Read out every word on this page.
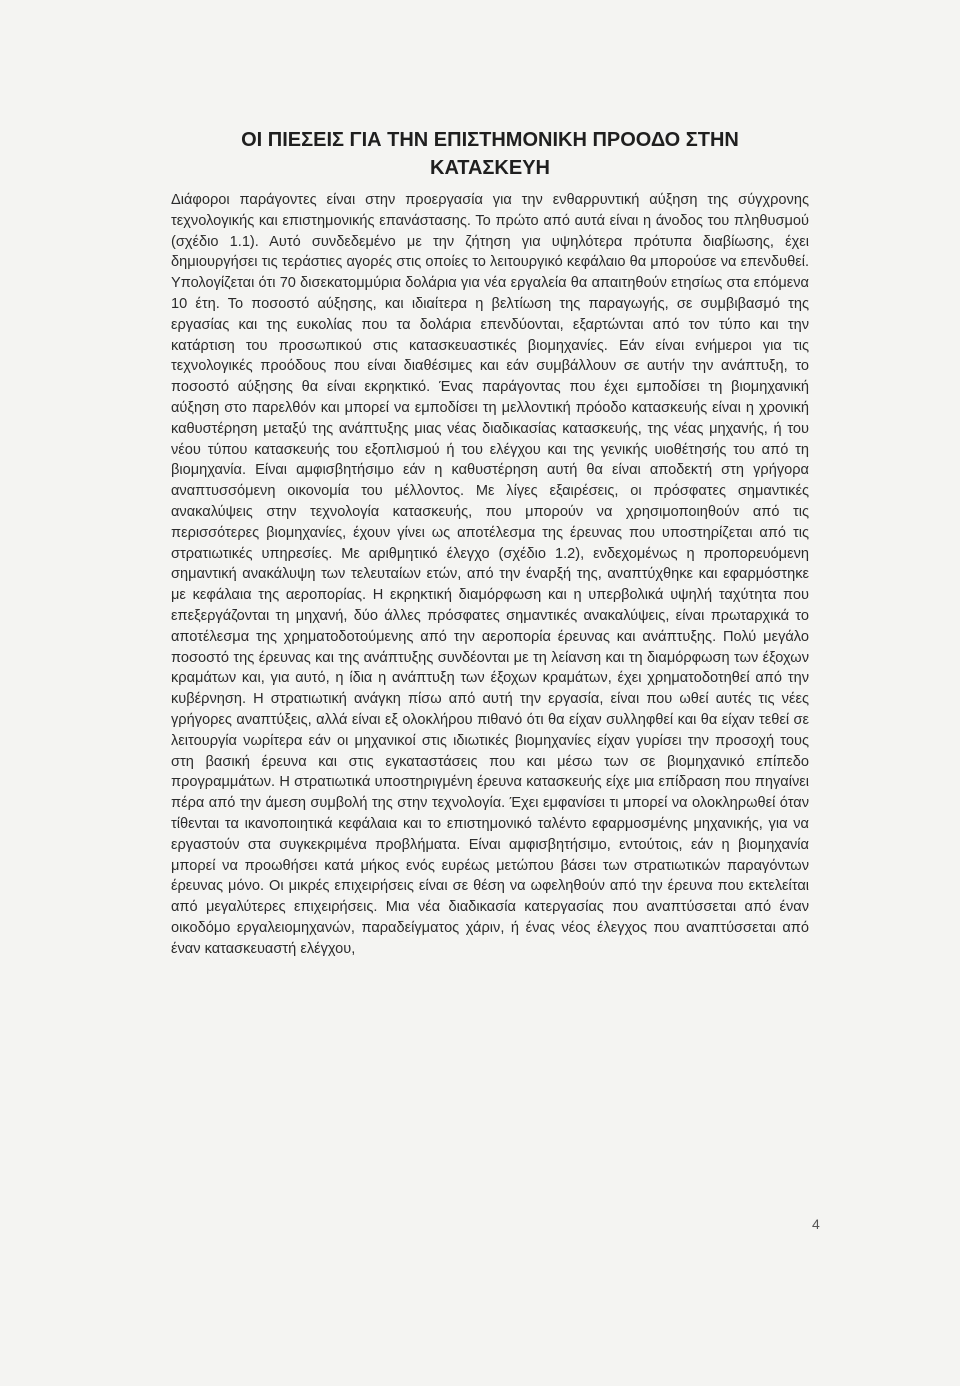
ΟΙ ΠΙΕΣΕΙΣ ΓΙΑ ΤΗΝ ΕΠΙΣΤΗΜΟΝΙΚΗ ΠΡΟΟΔΟ ΣΤΗΝ
ΚΑΤΑΣΚΕΥΗ

Διάφοροι παράγοντες είναι στην προεργασία για την ενθαρρυντική αύξηση της σύγχρονης τεχνολογικής και επιστημονικής επανάστασης. Το πρώτο από αυτά είναι η άνοδος του πληθυσμού (σχέδιο 1.1). Αυτό συνδεδεμένο με την ζήτηση για υψηλότερα πρότυπα διαβίωσης, έχει δημιουργήσει τις τεράστιες αγορές στις οποίες το λειτουργικό κεφάλαιο θα μπορούσε να επενδυθεί. Υπολογίζεται ότι 70 δισεκατομμύρια δολάρια για νέα εργαλεία θα απαιτηθούν ετησίως στα επόμενα 10 έτη. Το ποσοστό αύξησης, και ιδιαίτερα η βελτίωση της παραγωγής, σε συμβιβασμό της εργασίας και της ευκολίας που τα δολάρια επενδύονται, εξαρτώνται από τον τύπο και την κατάρτιση του προσωπικού στις κατασκευαστικές βιομηχανίες. Εάν είναι ενήμεροι για τις τεχνολογικές προόδους που είναι διαθέσιμες και εάν συμβάλλουν σε αυτήν την ανάπτυξη, το ποσοστό αύξησης θα είναι εκρηκτικό. Ένας παράγοντας που έχει εμποδίσει τη βιομηχανική αύξηση στο παρελθόν και μπορεί να εμποδίσει τη μελλοντική πρόοδο κατασκευής είναι η χρονική καθυστέρηση μεταξύ της ανάπτυξης μιας νέας διαδικασίας κατασκευής, της νέας μηχανής, ή του νέου τύπου κατασκευής του εξοπλισμού ή του ελέγχου και της γενικής υιοθέτησής του από τη βιομηχανία. Είναι αμφισβητήσιμο εάν η καθυστέρηση αυτή θα είναι αποδεκτή στη γρήγορα αναπτυσσόμενη οικονομία του μέλλοντος. Με λίγες εξαιρέσεις, οι πρόσφατες σημαντικές ανακαλύψεις στην τεχνολογία κατασκευής, που μπορούν να χρησιμοποιηθούν από τις περισσότερες βιομηχανίες, έχουν γίνει ως αποτέλεσμα της έρευνας που υποστηρίζεται από τις στρατιωτικές υπηρεσίες. Με αριθμητικό έλεγχο (σχέδιο 1.2), ενδεχομένως η προπορευόμενη σημαντική ανακάλυψη των τελευταίων ετών, από την έναρξή της, αναπτύχθηκε και εφαρμόστηκε με κεφάλαια της αεροπορίας. Η εκρηκτική διαμόρφωση και η υπερβολικά υψηλή ταχύτητα που επεξεργάζονται τη μηχανή, δύο άλλες πρόσφατες σημαντικές ανακαλύψεις, είναι πρωταρχικά το αποτέλεσμα της χρηματοδοτούμενης από την αεροπορία έρευνας και ανάπτυξης. Πολύ μεγάλο ποσοστό της έρευνας και της ανάπτυξης συνδέονται με τη λείανση και τη διαμόρφωση των έξοχων κραμάτων και, για αυτό, η ίδια η ανάπτυξη των έξοχων κραμάτων, έχει χρηματοδοτηθεί από την κυβέρνηση. Η στρατιωτική ανάγκη πίσω από αυτή την εργασία, είναι που ωθεί αυτές τις νέες γρήγορες αναπτύξεις, αλλά είναι εξ ολοκλήρου πιθανό ότι θα είχαν συλληφθεί και θα είχαν τεθεί σε λειτουργία νωρίτερα εάν οι μηχανικοί στις ιδιωτικές βιομηχανίες είχαν γυρίσει την προσοχή τους στη βασική έρευνα και στις εγκαταστάσεις που και μέσω των σε βιομηχανικό επίπεδο προγραμμάτων. Η στρατιωτικά υποστηριγμένη έρευνα κατασκευής είχε μια επίδραση που πηγαίνει πέρα από την άμεση συμβολή της στην τεχνολογία. Έχει εμφανίσει τι μπορεί να ολοκληρωθεί όταν τίθενται τα ικανοποιητικά κεφάλαια και το επιστημονικό ταλέντο εφαρμοσμένης μηχανικής, για να εργαστούν στα συγκεκριμένα προβλήματα. Είναι αμφισβητήσιμο, εντούτοις, εάν η βιομηχανία μπορεί να προωθήσει κατά μήκος ενός ευρέως μετώπου βάσει των στρατιωτικών παραγόντων έρευνας μόνο. Οι μικρές επιχειρήσεις είναι σε θέση να ωφεληθούν από την έρευνα που εκτελείται από μεγαλύτερες επιχειρήσεις. Μια νέα διαδικασία κατεργασίας που αναπτύσσεται από έναν οικοδόμο εργαλειομηχανών, παραδείγματος χάριν, ή ένας νέος έλεγχος που αναπτύσσεται από έναν κατασκευαστή ελέγχου,

4
